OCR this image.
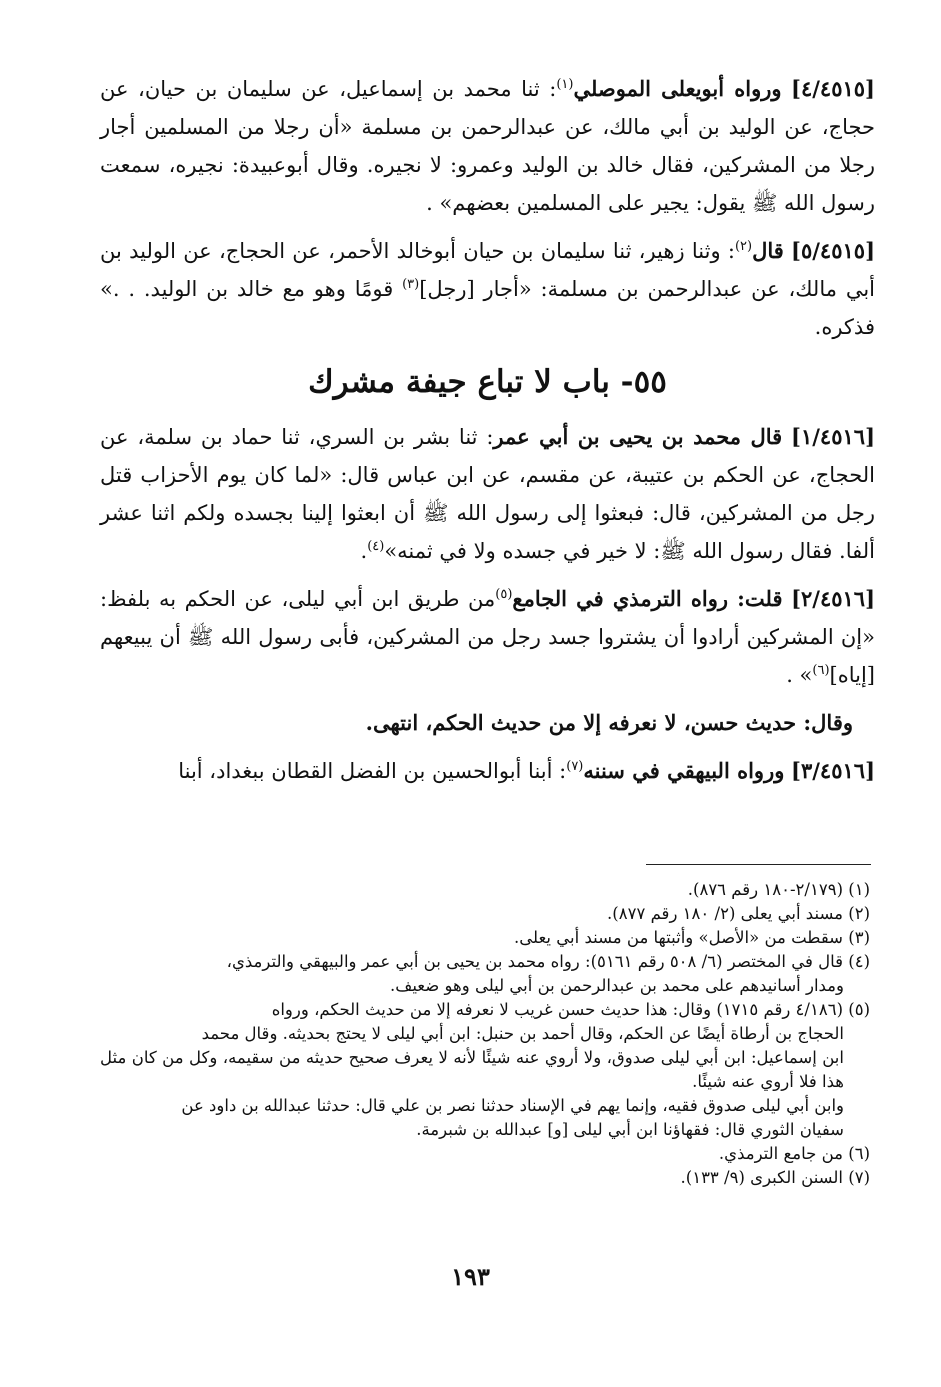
[٤/٤٥١٥] ورواه أبويعلى الموصلي$^{(١)}$: ثنا محمد بن إسماعيل، عن سليمان بن حيان، عن حجاج، عن الوليد بن أبي مالك، عن عبدالرحمن بن مسلمة «أن رجلا من المسلمين أجار رجلا من المشركين، فقال خالد بن الوليد وعمرو: لا نجيره. وقال أبوعبيدة: نجيره، سمعت رسول الله ﷺ يقول: يجير على المسلمين بعضهم» .

[٥/٤٥١٥] قال$^{(٢)}$: وثنا زهير، ثنا سليمان بن حيان أبوخالد الأحمر، عن الحجاج، عن الوليد بن أبي مالك، عن عبدالرحمن بن مسلمة: «أجار [رجل]$^{(٣)}$ قومًا وهو مع خالد بن الوليد. . .» فذكره.

٥٥- باب لا تباع جيفة مشرك

[١/٤٥١٦] قال محمد بن يحيى بن أبي عمر: ثنا بشر بن السري، ثنا حماد بن سلمة، عن الحجاج، عن الحكم بن عتيبة، عن مقسم، عن ابن عباس قال: «لما كان يوم الأحزاب قتل رجل من المشركين، قال: فبعثوا إلى رسول الله ﷺ أن ابعثوا إلينا بجسده ولكم اثنا عشر ألفا. فقال رسول الله ﷺ: لا خير في جسده ولا في ثمنه»$^{(٤)}$.

[٢/٤٥١٦] قلت: رواه الترمذي في الجامع$^{(٥)}$من طريق ابن أبي ليلى، عن الحكم به بلفظ: «إن المشركين أرادوا أن يشتروا جسد رجل من المشركين، فأبى رسول الله ﷺ أن يبيعهم [إياه]$^{(٦)}$» .

وقال: حديث حسن، لا نعرفه إلا من حديث الحكم، انتهى.

[٣/٤٥١٦] ورواه البيهقي في سننه$^{(٧)}$: أبنا أبوالحسين بن الفضل القطان ببغداد، أبنا

(١) (٢/١٧٩-١٨٠ رقم ٨٧٦).

(٢) مسند أبي يعلى (٢/ ١٨٠ رقم ٨٧٧).

(٣) سقطت من «الأصل» وأثبتها من مسند أبي يعلى.

(٤) قال في المختصر (٦/ ٥٠٨ رقم ٥١٦١): رواه محمد بن يحيى بن أبي عمر والبيهقي والترمذي،

ومدار أسانيدهم على محمد بن عبدالرحمن بن أبي ليلى وهو ضعيف.

(٥) (٤/١٨٦ رقم ١٧١٥) وقال: هذا حديث حسن غريب لا نعرفه إلا من حديث الحكم، ورواه

الحجاج بن أرطاة أيضًا عن الحكم، وقال أحمد بن حنبل: ابن أبي ليلى لا يحتج بحديثه. وقال محمد

ابن إسماعيل: ابن أبي ليلى صدوق، ولا أروي عنه شيئًا لأنه لا يعرف صحيح حديثه من سقيمه، وكل من كان مثل هذا فلا أروي عنه شيئًا.

وابن أبي ليلى صدوق فقيه، وإنما يهم في الإسناد حدثنا نصر بن علي قال: حدثنا عبدالله بن داود عن

سفيان الثوري قال: فقهاؤنا ابن أبي ليلى [و] عبدالله بن شبرمة.

(٦) من جامع الترمذي.

(٧) السنن الكبرى (٩/ ١٣٣).

١٩٣
